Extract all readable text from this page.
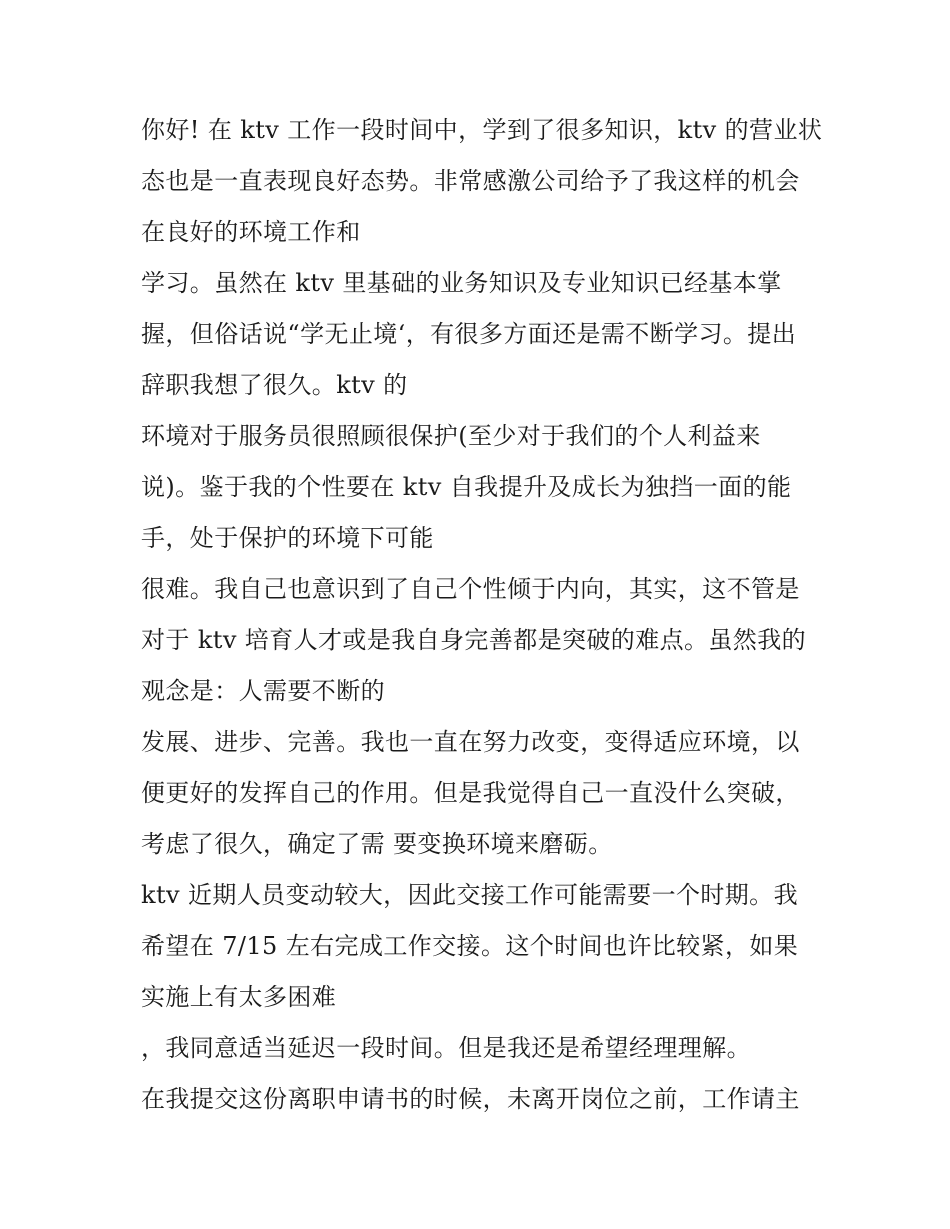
你好! 在 ktv 工作一段时间中，学到了很多知识，ktv 的营业状
态也是一直表现良好态势。非常感激公司给予了我这样的机会
在良好的环境工作和
学习。虽然在 ktv 里基础的业务知识及专业知识已经基本掌
握，但俗话说“学无止境‘，有很多方面还是需不断学习。提出
辞职我想了很久。ktv 的
环境对于服务员很照顾很保护(至少对于我们的个人利益来
说)。鉴于我的个性要在 ktv 自我提升及成长为独挡一面的能
手，处于保护的环境下可能
很难。我自己也意识到了自己个性倾于内向，其实，这不管是
对于 ktv 培育人才或是我自身完善都是突破的难点。虽然我的
观念是：人需要不断的
发展、进步、完善。我也一直在努力改变，变得适应环境，以
便更好的发挥自己的作用。但是我觉得自己一直没什么突破，
考虑了很久，确定了需 要变换环境来磨砺。
ktv 近期人员变动较大，因此交接工作可能需要一个时期。我
希望在 7/15 左右完成工作交接。这个时间也许比较紧，如果
实施上有太多困难
，我同意适当延迟一段时间。但是我还是希望经理理解。
在我提交这份离职申请书的时候，未离开岗位之前，工作请主
